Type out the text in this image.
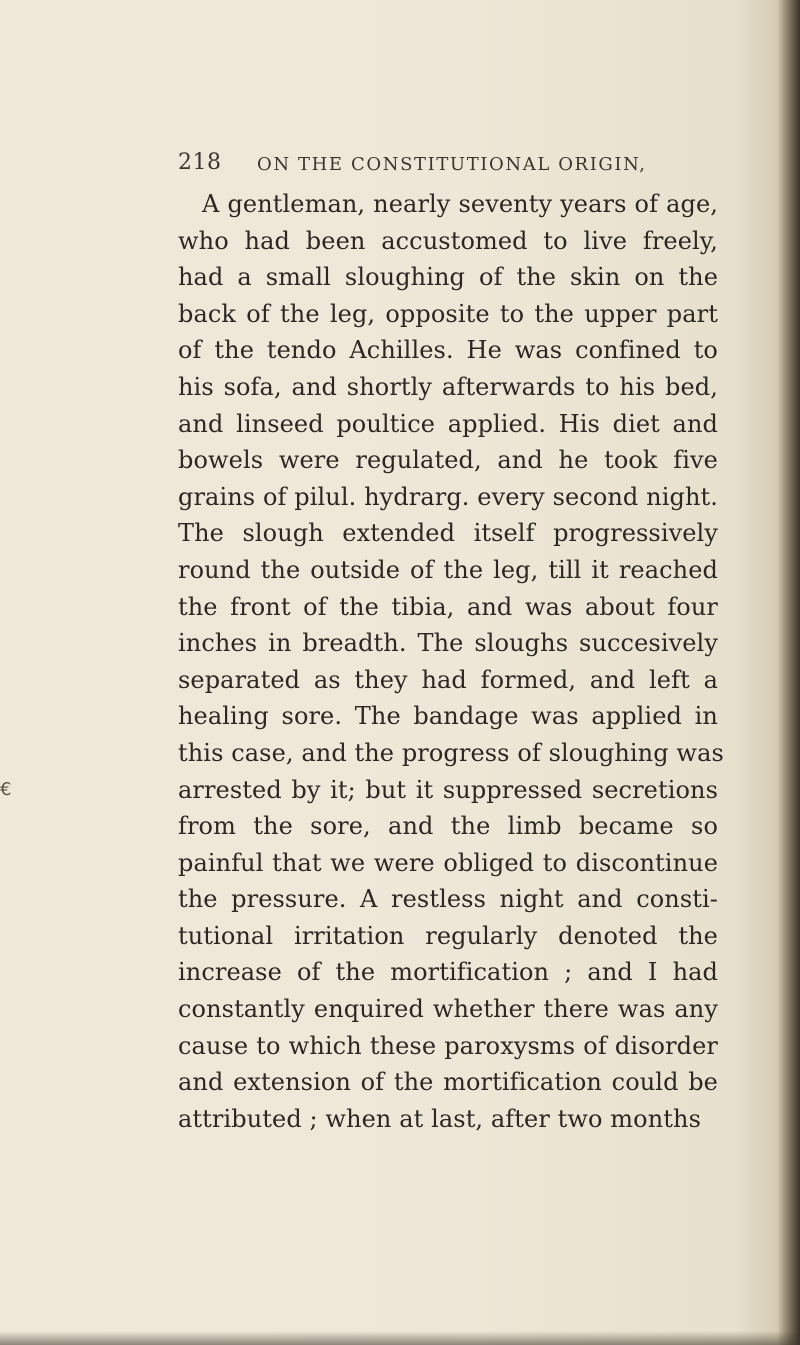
€
218 ON THE CONSTITUTIONAL ORIGIN,
A gentleman, nearly seventy years of age,
who had been accustomed to live freely,
had a small sloughing of the skin on the
back of the leg, opposite to the upper part
of the tendo Achilles. He was confined to
his sofa, and shortly afterwards to his bed,
and linseed poultice applied. His diet and
bowels were regulated, and he took five
grains of pilul. hydrarg. every second night.
The slough extended itself progressively
round the outside of the leg, till it reached
the front of the tibia, and was about four
inches in breadth. The sloughs succesively
separated as they had formed, and left a
healing sore. The bandage was applied in
this case, and the progress of sloughing was
arrested by it; but it suppressed secretions
from the sore, and the limb became so
painful that we were obliged to discontinue
the pressure. A restless night and consti-
tutional irritation regularly denoted the
increase of the mortification ; and I had
constantly enquired whether there was any
cause to which these paroxysms of disorder
and extension of the mortification could be
attributed ; when at last, after two months
